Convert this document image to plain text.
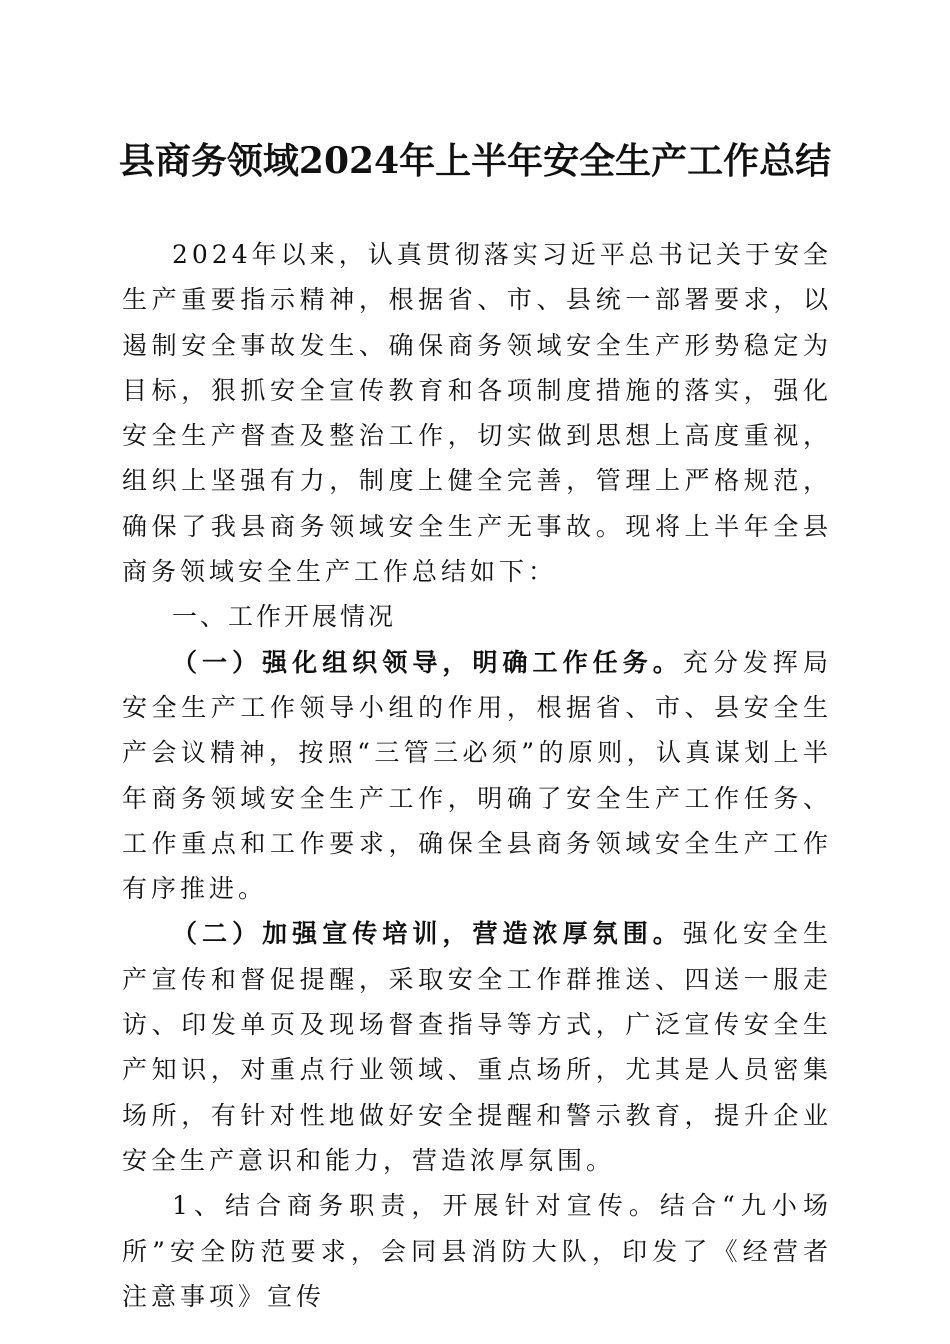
县商务领域2024年上半年安全生产工作总结

2024年以来，认真贯彻落实习近平总书记关于安全生产重要指示精神，根据省、市、县统一部署要求，以遏制安全事故发生、确保商务领域安全生产形势稳定为目标，狠抓安全宣传教育和各项制度措施的落实，强化安全生产督查及整治工作，切实做到思想上高度重视，组织上坚强有力，制度上健全完善，管理上严格规范，确保了我县商务领域安全生产无事故。现将上半年全县商务领域安全生产工作总结如下：

一、工作开展情况

（一）强化组织领导，明确工作任务。充分发挥局安全生产工作领导小组的作用，根据省、市、县安全生产会议精神，按照“三管三必须”的原则，认真谋划上半年商务领域安全生产工作，明确了安全生产工作任务、工作重点和工作要求，确保全县商务领域安全生产工作有序推进。

（二）加强宣传培训，营造浓厚氛围。强化安全生产宣传和督促提醒，采取安全工作群推送、四送一服走访、印发单页及现场督查指导等方式，广泛宣传安全生产知识，对重点行业领域、重点场所，尤其是人员密集场所，有针对性地做好安全提醒和警示教育，提升企业安全生产意识和能力，营造浓厚氛围。

1、结合商务职责，开展针对宣传。结合“九小场所”安全防范要求，会同县消防大队，印发了《经营者注意事项》宣传
